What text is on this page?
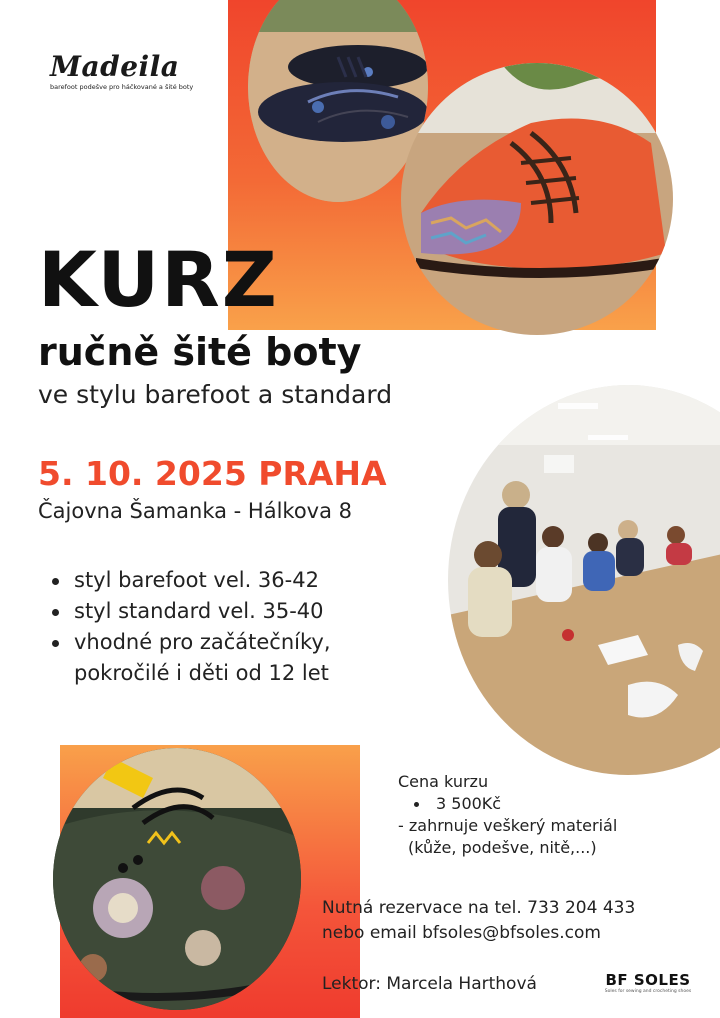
Madeila
barefoot podešve pro háčkované a šité boty
KURZ
ručně šité boty
ve stylu barefoot a standard
5. 10. 2025 PRAHA
Čajovna Šamanka - Hálkova 8
styl barefoot vel. 36-42
styl standard vel. 35-40
vhodné pro začátečníky,
pokročilé i děti od 12 let
Cena kurzu
3 500Kč
- zahrnuje veškerý materiál
(kůže, podešve, nitě,...)
Nutná rezervace na tel. 733 204 433
nebo email bfsoles@bfsoles.com
Lektor: Marcela Harthová	BF SOLES
Soles for sewing and crocheting shoes
